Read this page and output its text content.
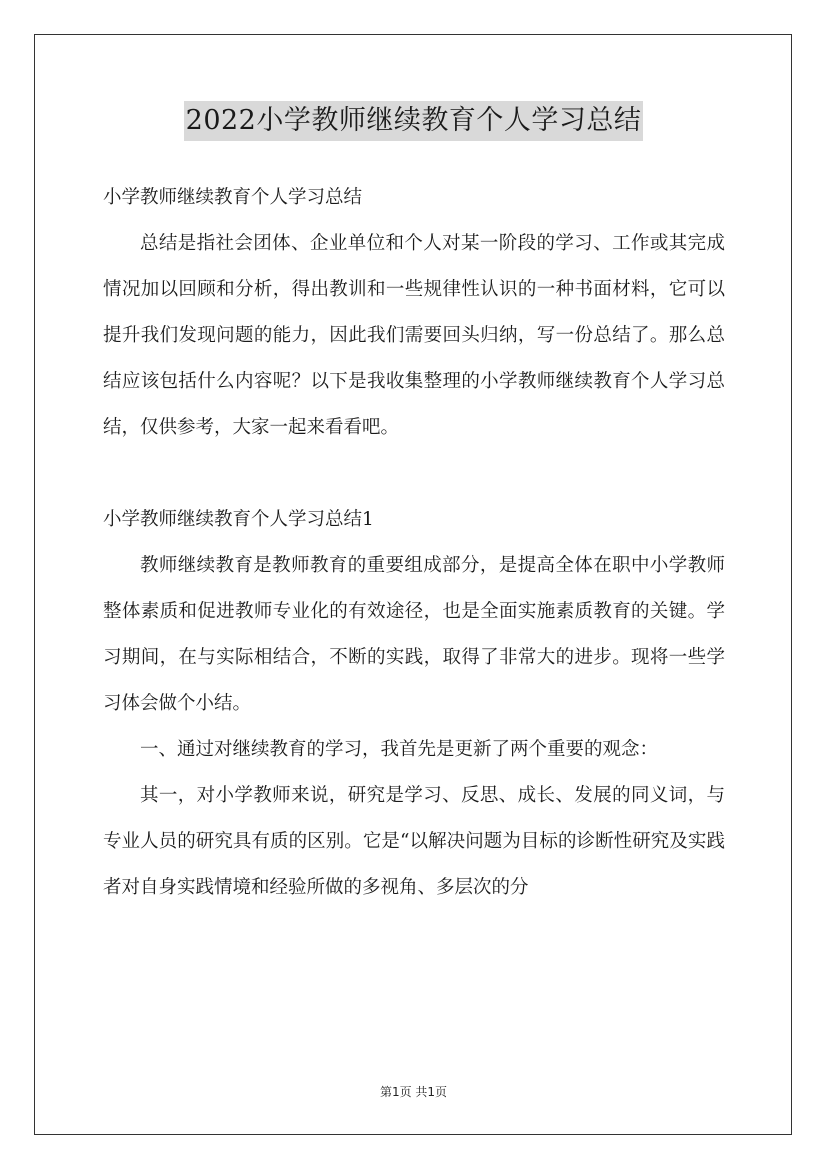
2022小学教师继续教育个人学习总结

小学教师继续教育个人学习总结

总结是指社会团体、企业单位和个人对某一阶段的学习、工作或其完成情况加以回顾和分析，得出教训和一些规律性认识的一种书面材料，它可以提升我们发现问题的能力，因此我们需要回头归纳，写一份总结了。那么总结应该包括什么内容呢？以下是我收集整理的小学教师继续教育个人学习总结，仅供参考，大家一起来看看吧。

小学教师继续教育个人学习总结1

教师继续教育是教师教育的重要组成部分，是提高全体在职中小学教师整体素质和促进教师专业化的有效途径，也是全面实施素质教育的关键。学习期间，在与实际相结合，不断的实践，取得了非常大的进步。现将一些学习体会做个小结。

一、通过对继续教育的学习，我首先是更新了两个重要的观念：

其一，对小学教师来说，研究是学习、反思、成长、发展的同义词，与专业人员的研究具有质的区别。它是“以解决问题为目标的诊断性研究及实践者对自身实践情境和经验所做的多视角、多层次的分

第1页 共1页
